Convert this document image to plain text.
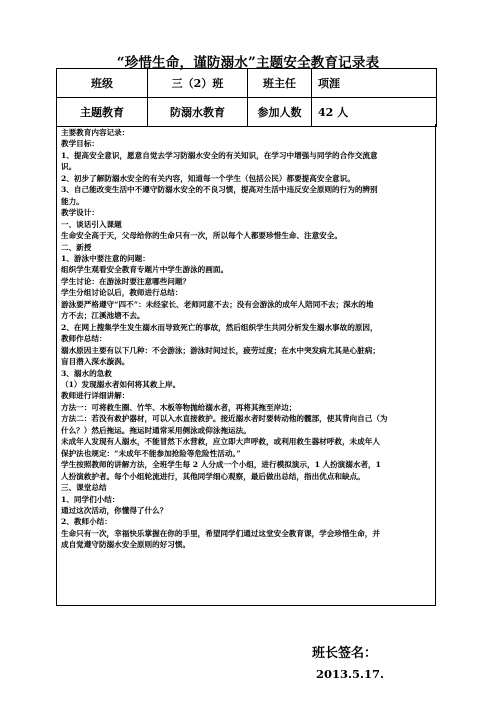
“珍惜生命，谨防溺水”主题安全教育记录表
班级	三（2）班	班主任	项涯
主题教育	防溺水教育	参加人数	42 人
主要教育内容记录：
教学目标：
1、提高安全意识，愿意自觉去学习防溺水安全的有关知识，在学习中增强与同学的合作交流意
识。
2、初步了解防溺水安全的有关内容，知道每一个学生（包括公民）都要提高安全意识。
3、自己能改变生活中不遵守防溺水安全的不良习惯，提高对生活中违反安全原则的行为的辨别
能力。
教学设计：
一、谈话引入课题
生命安全高于天，父母给你的生命只有一次，所以每个人都要珍惜生命、注意安全。
二、新授
1、游泳中要注意的问题：
组织学生观看安全教育专题片中学生游泳的画面。
学生讨论：在游泳时要注意哪些问题？
学生分组讨论以后，教师进行总结：
游泳要严格遵守“四不”：未经家长、老师同意不去；没有会游泳的成年人陪同不去；深水的地
方不去；江溪池塘不去。
2、在网上搜集学生发生溺水而导致死亡的事故，然后组织学生共同分析发生溺水事故的原因，
教师作总结：
溺水原因主要有以下几种：不会游泳；游泳时间过长，疲劳过度；在水中突发病尤其是心脏病；
盲目潜入深水漩涡。
3、溺水的急救
（1）发现溺水者如何将其救上岸。
教师进行详细讲解：
方法一：可将救生圈、竹竿、木板等物抛给溺水者，再将其拖至岸边；
方法二：若没有救护器材，可以入水直接救护。接近溺水者时要转动他的髋部，使其背向自己（为
什么？）然后拖运。拖运时通常采用侧泳或仰泳拖运法。
未成年人发现有人溺水，不能冒然下水营救，应立即大声呼救，或利用救生器材呼救，未成年人
保护法也规定：“未成年不能参加抢险等危险性活动。”
学生按照教师的讲解方法，全班学生每 2 人分成一个小组，进行模拟演示，1 人扮演溺水者，1
人扮演救护者。每个小组轮流进行，其他同学细心观察，最后做出总结，指出优点和缺点。
三、课堂总结
1、同学们小结：
通过这次活动，你懂得了什么？
2、教师小结：
生命只有一次，幸福快乐掌握在你的手里，希望同学们通过这堂安全教育课，学会珍惜生命，并
成自觉遵守防溺水安全原则的好习惯。
班长签名：
2013.5.17.
